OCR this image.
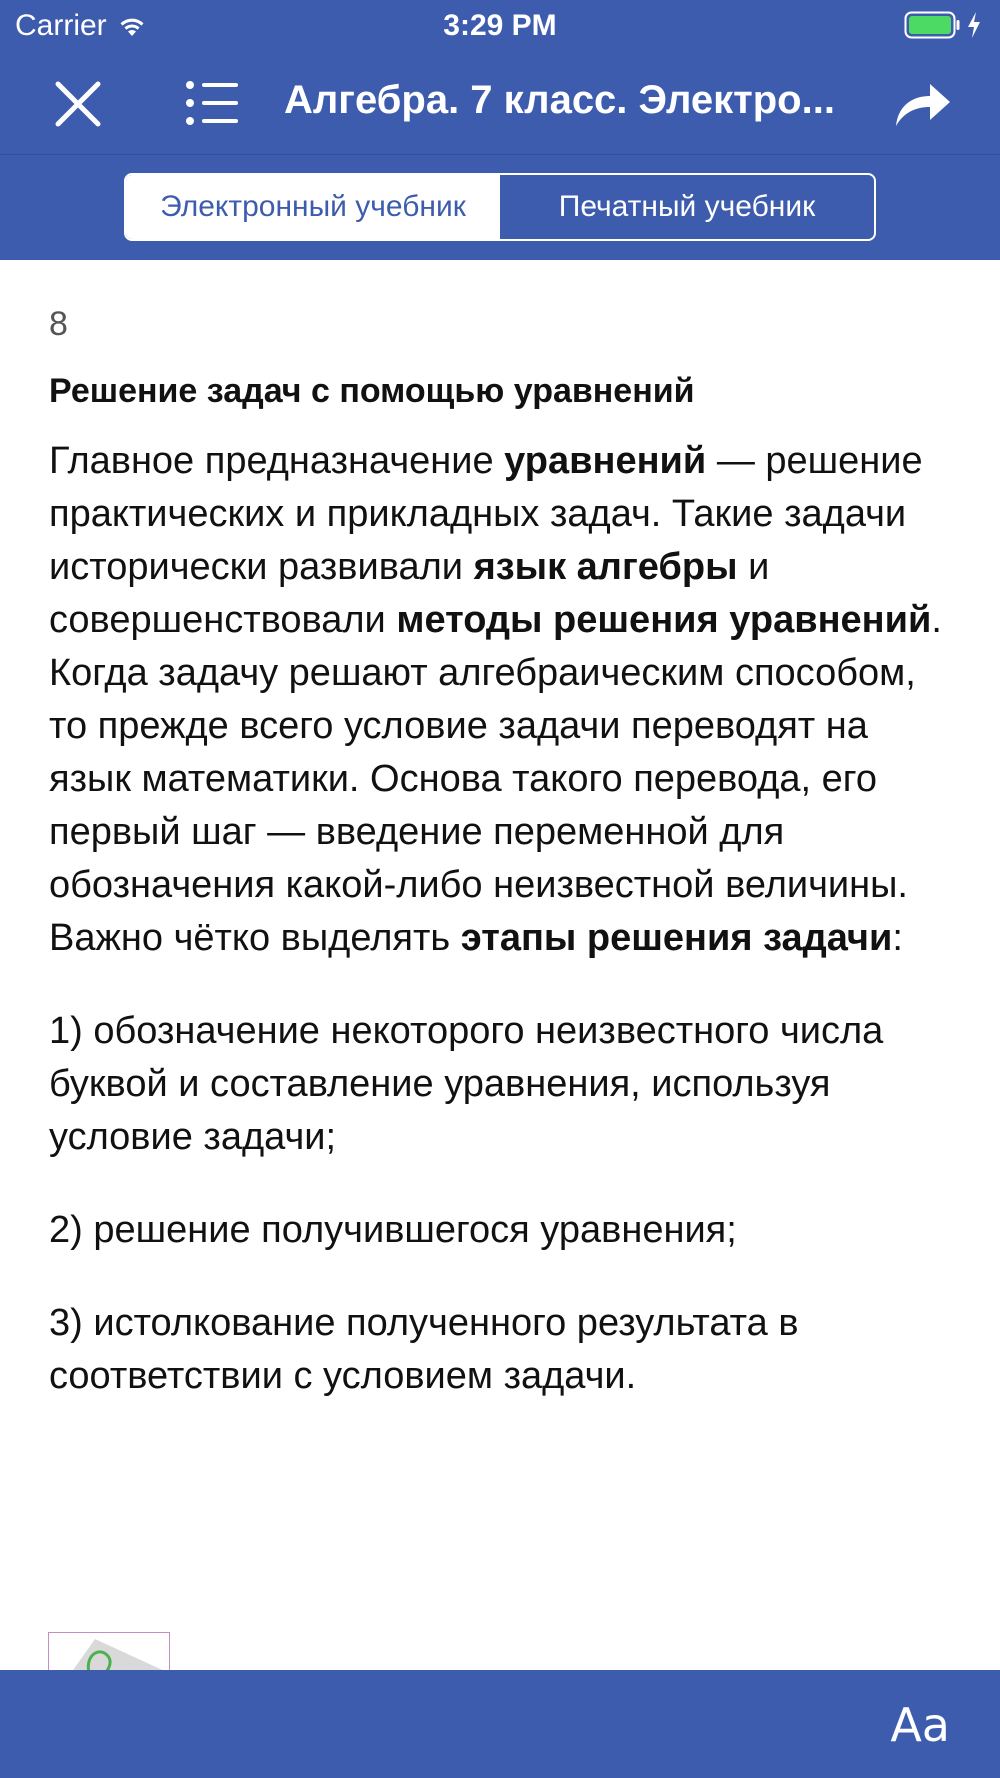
Carrier	3:29 PM
Алгебра. 7 класс. Электро...
Электронный учебник	Печатный учебник
8
Решение задач с помощью уравнений

Главное предназначение уравнений — решение практических и прикладных задач. Такие задачи исторически развивали язык алгебры и совершенствовали методы решения уравнений. Когда задачу решают алгебраическим способом, то прежде всего условие задачи переводят на язык математики. Основа такого перевода, его первый шаг — введение переменной для обозначения какой-либо неизвестной величины. Важно чётко выделять этапы решения задачи:

1) обозначение некоторого неизвестного числа буквой и составление уравнения, используя условие задачи;
2) решение получившегося уравнения;
3) истолкование полученного результата в соответствии с условием задачи.
Aa
